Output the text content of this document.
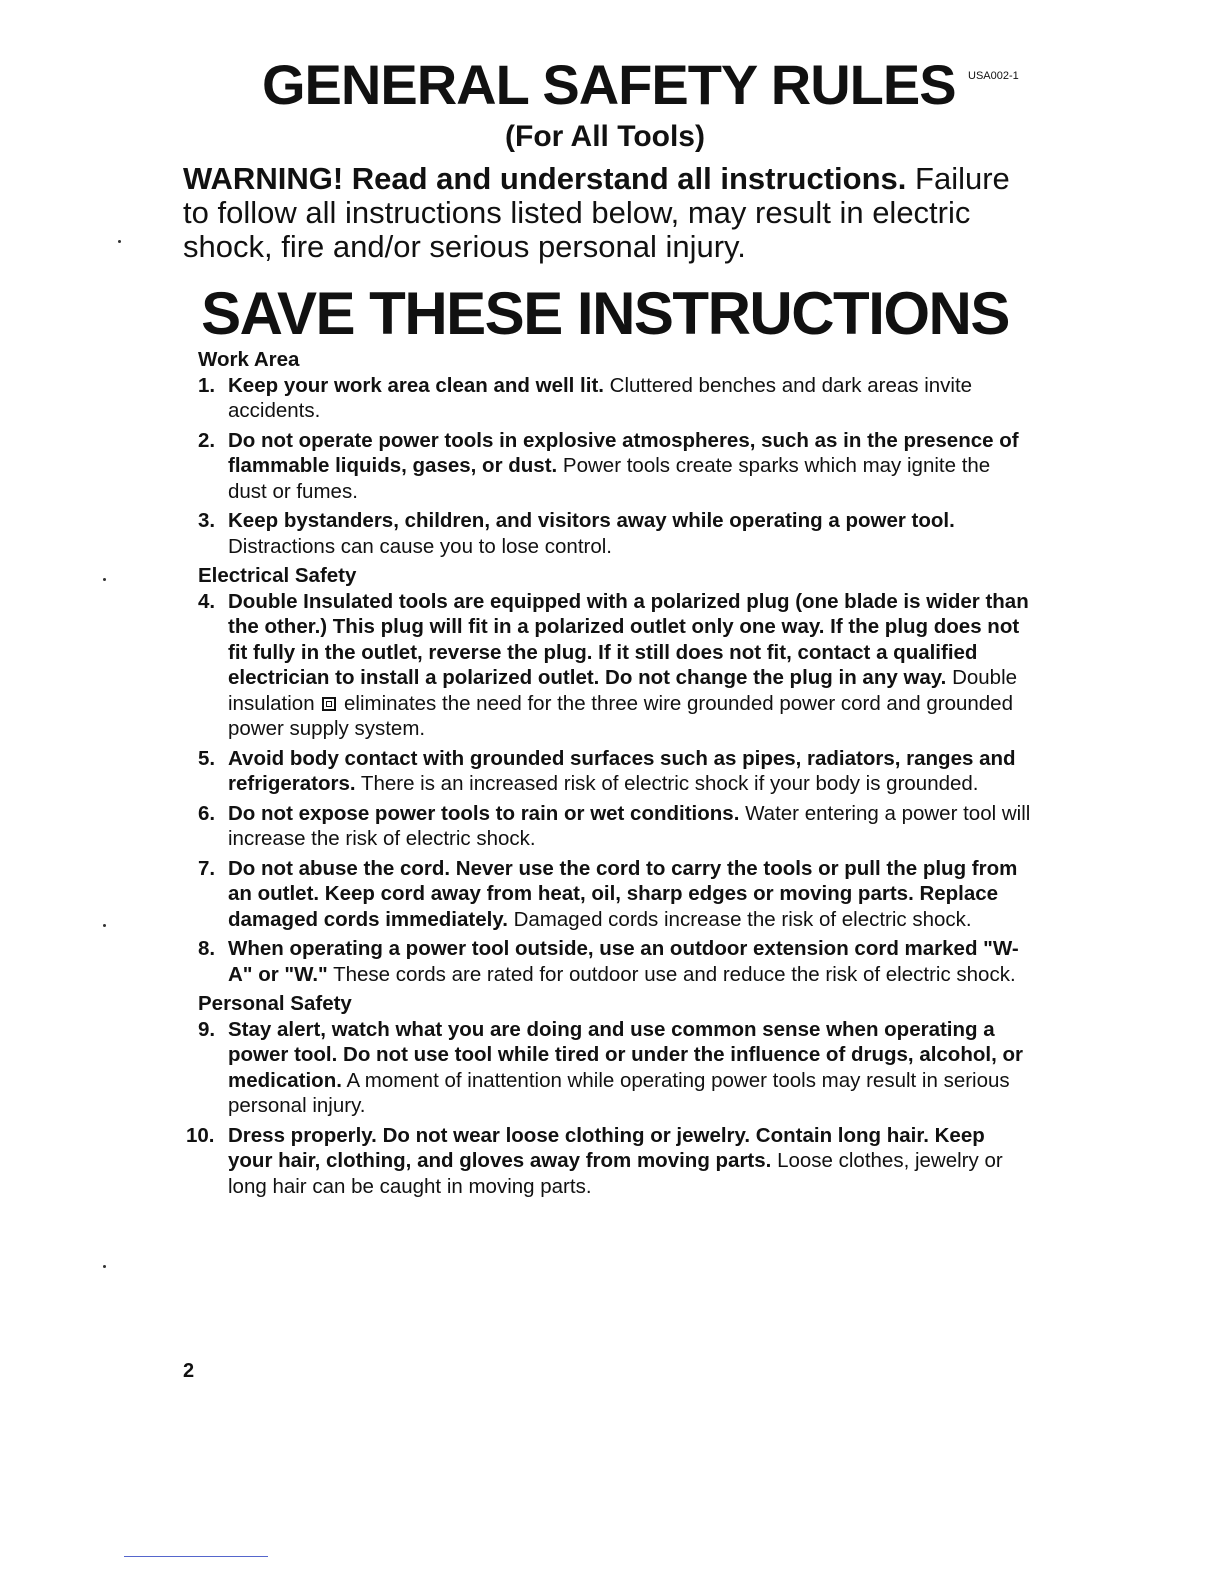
GENERAL SAFETY RULES USA002-1
(For All Tools)
WARNING! Read and understand all instructions. Failure to follow all instructions listed below, may result in electric shock, fire and/or serious personal injury.
SAVE THESE INSTRUCTIONS

Work Area

1. Keep your work area clean and well lit. Cluttered benches and dark areas invite accidents.
2. Do not operate power tools in explosive atmospheres, such as in the presence of flammable liquids, gases, or dust. Power tools create sparks which may ignite the dust or fumes.
3. Keep bystanders, children, and visitors away while operating a power tool. Distractions can cause you to lose control.

Electrical Safety

4. Double Insulated tools are equipped with a polarized plug (one blade is wider than the other.) This plug will fit in a polarized outlet only one way. If the plug does not fit fully in the outlet, reverse the plug. If it still does not fit, contact a qualified electrician to install a polarized outlet. Do not change the plug in any way. Double insulation  eliminates the need for the three wire grounded power cord and grounded power supply system.
5. Avoid body contact with grounded surfaces such as pipes, radiators, ranges and refrigerators. There is an increased risk of electric shock if your body is grounded.
6. Do not expose power tools to rain or wet conditions. Water entering a power tool will increase the risk of electric shock.
7. Do not abuse the cord. Never use the cord to carry the tools or pull the plug from an outlet. Keep cord away from heat, oil, sharp edges or moving parts. Replace damaged cords immediately. Damaged cords increase the risk of electric shock.
8. When operating a power tool outside, use an outdoor extension cord marked "W-A" or "W." These cords are rated for outdoor use and reduce the risk of electric shock.

Personal Safety

9. Stay alert, watch what you are doing and use common sense when operating a power tool. Do not use tool while tired or under the influence of drugs, alcohol, or medication. A moment of inattention while operating power tools may result in serious personal injury.
10. Dress properly. Do not wear loose clothing or jewelry. Contain long hair. Keep your hair, clothing, and gloves away from moving parts. Loose clothes, jewelry or long hair can be caught in moving parts.
2
